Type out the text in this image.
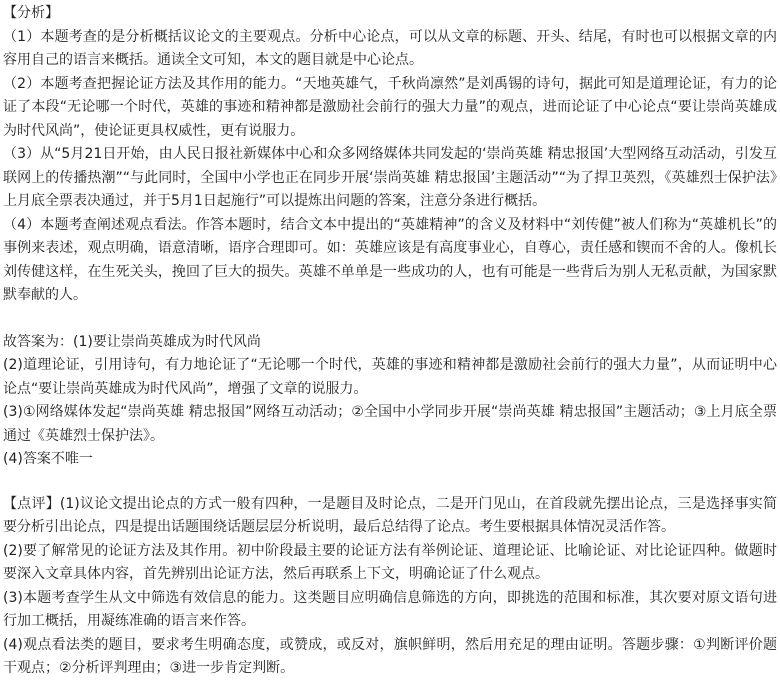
【分析】

（1）本题考查的是分析概括议论文的主要观点。分析中心论点，可以从文章的标题、开头、结尾，有时也可以根据文章的内容用自己的语言来概括。通读全文可知，本文的题目就是中心论点。

（2）本题考查把握论证方法及其作用的能力。“天地英雄气，千秋尚凛然”是刘禹锡的诗句，据此可知是道理论证，有力的论证了本段“无论哪一个时代，英雄的事迹和精神都是激励社会前行的强大力量”的观点，进而论证了中心论点“要让崇尚英雄成为时代风尚”，使论证更具权威性，更有说服力。

（3）从“5月21日开始，由人民日报社新媒体中心和众多网络媒体共同发起的‘崇尚英雄 精忠报国’大型网络互动活动，引发互联网上的传播热潮”“与此同时，全国中小学也正在同步开展‘崇尚英雄 精忠报国’主题活动”“为了捍卫英烈，《英雄烈士保护法》上月底全票表决通过，并于5月1日起施行”可以提炼出问题的答案，注意分条进行概括。

（4）本题考查阐述观点看法。作答本题时，结合文本中提出的“英雄精神”的含义及材料中“刘传健”被人们称为“英雄机长”的事例来表述，观点明确，语意清晰，语序合理即可。如：英雄应该是有高度事业心，自尊心，责任感和锲而不舍的人。像机长刘传健这样，在生死关头，挽回了巨大的损失。英雄不单单是一些成功的人，也有可能是一些背后为别人无私贡献，为国家默默奉献的人。

故答案为：(1)要让崇尚英雄成为时代风尚

(2)道理论证，引用诗句，有力地论证了“无论哪一个时代，英雄的事迹和精神都是激励社会前行的强大力量”，从而证明中心论点“要让崇尚英雄成为时代风尚”，增强了文章的说服力。

(3)①网络媒体发起“崇尚英雄 精忠报国”网络互动活动；②全国中小学同步开展“崇尚英雄 精忠报国”主题活动；③上月底全票通过《英雄烈士保护法》。

(4)答案不唯一

【点评】(1)议论文提出论点的方式一般有四种，一是题目及时论点，二是开门见山，在首段就先摆出论点，三是选择事实简要分析引出论点，四是提出话题围绕话题层层分析说明，最后总结得了论点。考生要根据具体情况灵活作答。

(2)要了解常见的论证方法及其作用。初中阶段最主要的论证方法有举例论证、道理论证、比喻论证、对比论证四种。做题时要深入文章具体内容，首先辨别出论证方法，然后再联系上下文，明确论证了什么观点。

(3)本题考查学生从文中筛选有效信息的能力。这类题目应明确信息筛选的方向，即挑选的范围和标准，其次要对原文语句进行加工概括，用凝练准确的语言来作答。

(4)观点看法类的题目，要求考生明确态度，或赞成，或反对，旗帜鲜明，然后用充足的理由证明。答题步骤：①判断评价题干观点；②分析评判理由；③进一步肯定判断。
